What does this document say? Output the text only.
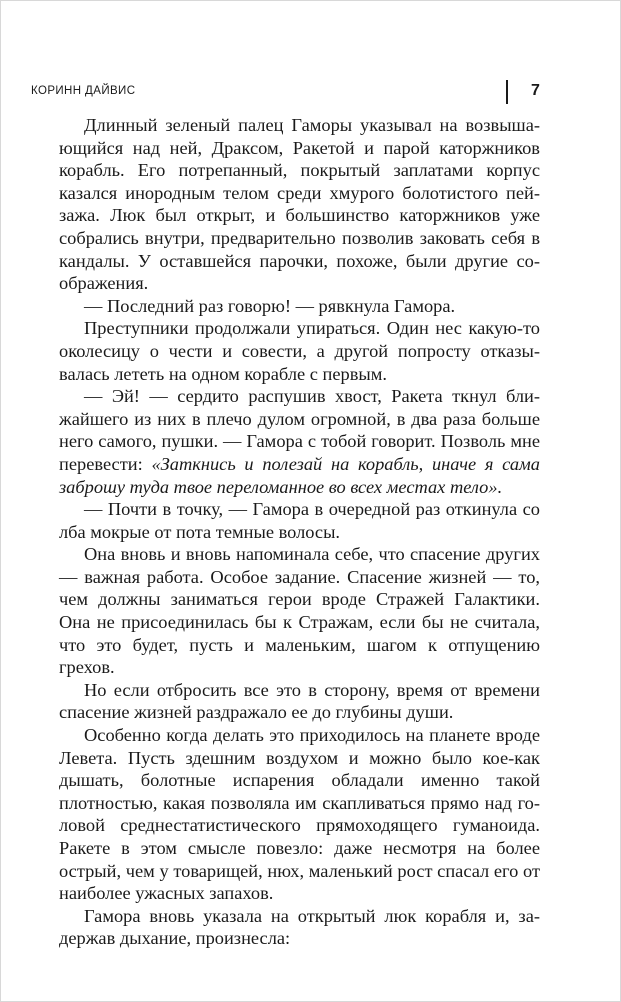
КОРИНН ДАЙВИС	7

Длинный зеленый палец Гаморы указывал на возвышающийся над ней, Драксом, Ракетой и парой каторжников корабль. Его потрепанный, покрытый заплатами корпус казался инородным телом среди хмурого болотистого пейзажа. Люк был открыт, и большинство каторжников уже собрались внутри, предварительно позволив заковать себя в кандалы. У оставшейся парочки, похоже, были другие соображения.

— Последний раз говорю! — рявкнула Гамора.

Преступники продолжали упираться. Один нес какую-то околесицу о чести и совести, а другой попросту отказывалась лететь на одном корабле с первым.

— Эй! — сердито распушив хвост, Ракета ткнул ближайшего из них в плечо дулом огромной, в два раза больше него самого, пушки. — Гамора с тобой говорит. Позволь мне перевести: «Заткнись и полезай на корабль, иначе я сама заброшу туда твое переломанное во всех местах тело».

— Почти в точку, — Гамора в очередной раз откинула со лба мокрые от пота темные волосы.

Она вновь и вновь напоминала себе, что спасение других — важная работа. Особое задание. Спасение жизней — то, чем должны заниматься герои вроде Стражей Галактики. Она не присоединилась бы к Стражам, если бы не считала, что это будет, пусть и маленьким, шагом к отпущению грехов.

Но если отбросить все это в сторону, время от времени спасение жизней раздражало ее до глубины души.

Особенно когда делать это приходилось на планете вроде Левета. Пусть здешним воздухом и можно было кое-как дышать, болотные испарения обладали именно такой плотностью, какая позволяла им скапливаться прямо над головой среднестатистического прямоходящего гуманоида. Ракете в этом смысле повезло: даже несмотря на более острый, чем у товарищей, нюх, маленький рост спасал его от наиболее ужасных запахов.

Гамора вновь указала на открытый люк корабля и, задержав дыхание, произнесла:
